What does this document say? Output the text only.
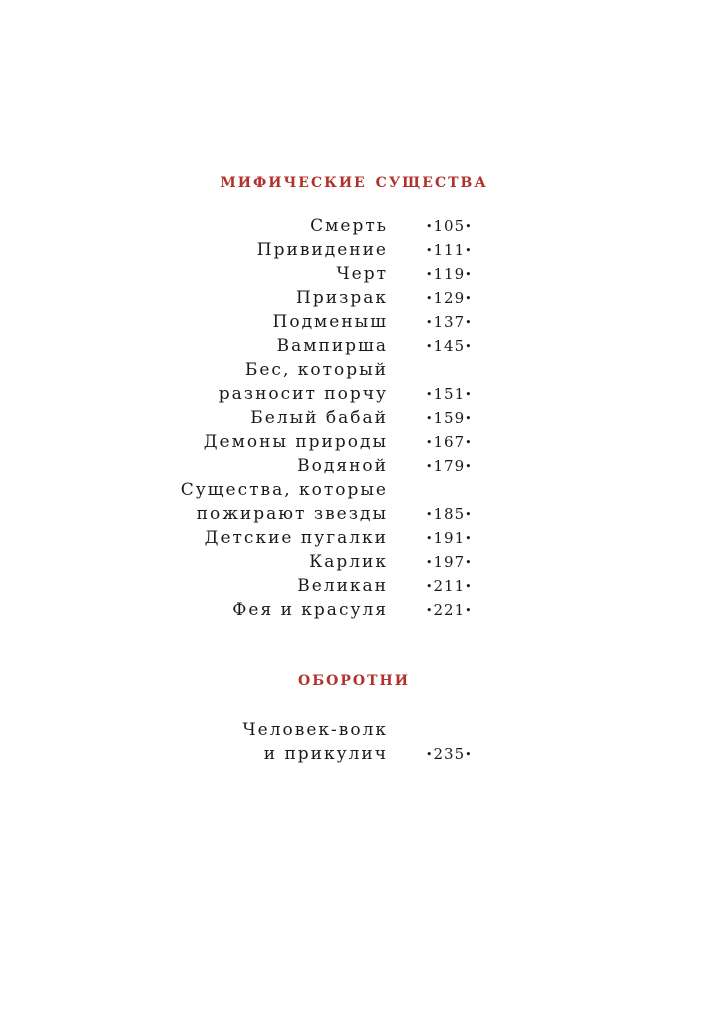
мифические существа
Смерть	•105•
Привидение	•111•
Черт	•119•
Призрак	•129•
Подменыш	•137•
Вампирша	•145•
Бес, который
разносит порчу	•151•
Белый бабай	•159•
Демоны природы	•167•
Водяной	•179•
Существа, которые
пожирают звезды	•185•
Детские пугалки	•191•
Карлик	•197•
Великан	•211•
Фея и красуля	•221•
оборотни
Человек-волк
и прикулич	•235•
